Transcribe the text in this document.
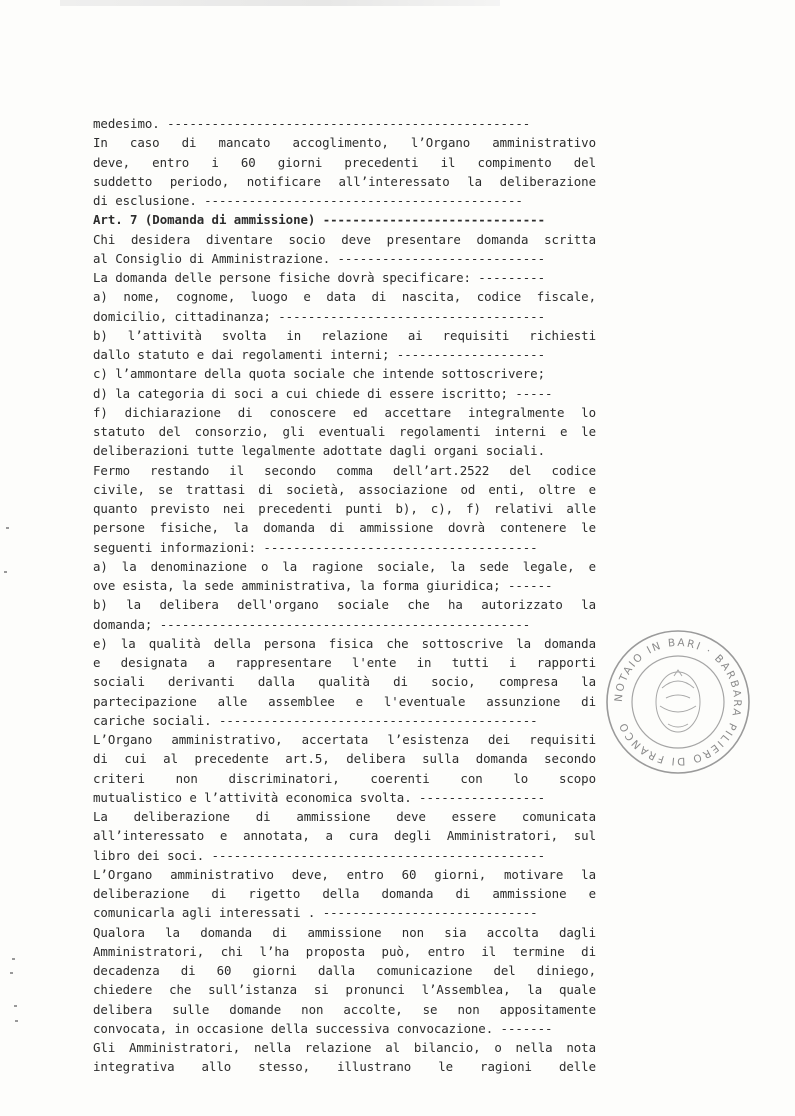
medesimo. -------------------------------------------------
In caso di mancato accoglimento, l’Organo amministrativo
deve, entro i 60 giorni precedenti il compimento del
suddetto periodo, notificare all’interessato la deliberazione
di esclusione. -------------------------------------------
Art. 7 (Domanda di ammissione) ------------------------------
Chi desidera diventare socio deve presentare domanda scritta
al Consiglio di Amministrazione. ----------------------------
La domanda delle persone fisiche dovrà specificare: ---------
a) nome, cognome, luogo e data di nascita, codice fiscale,
domicilio, cittadinanza; ------------------------------------
b) l’attività svolta in relazione ai requisiti richiesti
dallo statuto e dai regolamenti interni; --------------------
c) l’ammontare della quota sociale che intende sottoscrivere;
d) la categoria di soci a cui chiede di essere iscritto; -----
f) dichiarazione di conoscere ed accettare integralmente lo
statuto del consorzio, gli eventuali regolamenti interni e le
deliberazioni tutte legalmente adottate dagli organi sociali.
Fermo restando il secondo comma dell’art.2522 del codice
civile, se trattasi di società, associazione od enti, oltre e
quanto previsto nei precedenti punti b), c), f) relativi alle
persone fisiche, la domanda di ammissione dovrà contenere le
seguenti informazioni: -------------------------------------
a) la denominazione o la ragione sociale, la sede legale, e
ove esista, la sede amministrativa, la forma giuridica; ------
b) la delibera dell'organo sociale che ha autorizzato la
domanda; --------------------------------------------------
e) la qualità della persona fisica che sottoscrive la domanda
e designata a rappresentare l'ente in tutti i rapporti
sociali derivanti dalla qualità di socio, compresa la
partecipazione alle assemblee e l'eventuale assunzione di
cariche sociali. -------------------------------------------
L’Organo amministrativo, accertata l’esistenza dei requisiti
di cui al precedente art.5, delibera sulla domanda secondo
criteri non discriminatori, coerenti con lo scopo
mutualistico e l’attività economica svolta. -----------------
La deliberazione di ammissione deve essere comunicata
all’interessato e annotata, a cura degli Amministratori, sul
libro dei soci. ---------------------------------------------
L’Organo amministrativo deve, entro 60 giorni, motivare la
deliberazione di rigetto della domanda di ammissione e
comunicarla agli interessati . -----------------------------
Qualora la domanda di ammissione non sia accolta dagli
Amministratori, chi l’ha proposta può, entro il termine di
decadenza di 60 giorni dalla comunicazione del diniego,
chiedere che sull’istanza si pronunci l’Assemblea, la quale
delibera sulle domande non accolte, se non appositamente
convocata, in occasione della successiva convocazione. -------
Gli Amministratori, nella relazione al bilancio, o nella nota
integrativa allo stesso, illustrano le ragioni delle
NOTAIO IN BARI · BARBARA PILIERO DI FRANCO
